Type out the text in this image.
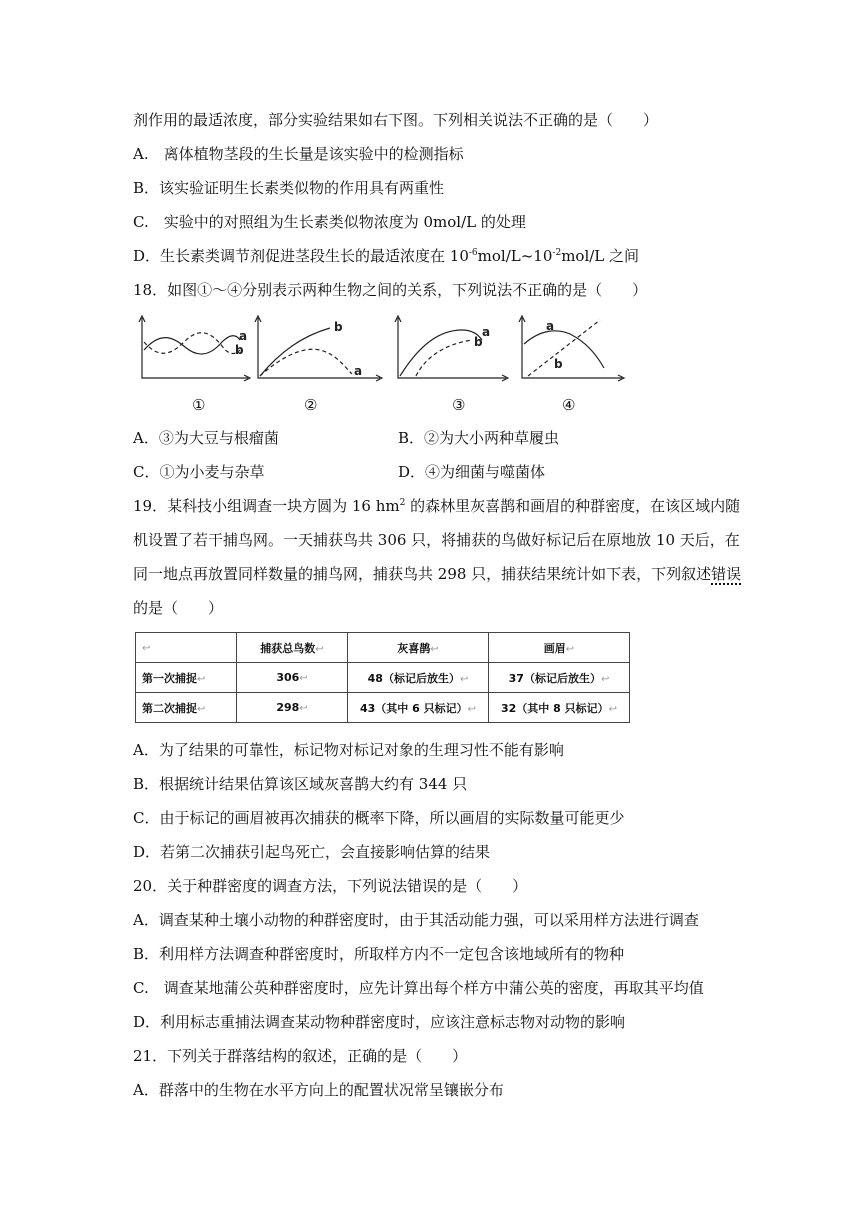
剂作用的最适浓度，部分实验结果如右下图。下列相关说法不正确的是（　　）
A.　离体植物茎段的生长量是该实验中的检测指标
B．该实验证明生长素类似物的作用具有两重性
C.　实验中的对照组为生长素类似物浓度为 0mol/L 的处理
D．生长素类调节剂促进茎段生长的最适浓度在 $10^{-6}mol/L\sim 10^{-2}mol/L$ 之间
18．如图①～④分别表示两种生物之间的关系，下列说法不正确的是（　　）
a
b
b
a
a
b
a
b
①	②	③	④
A．③为大豆与根瘤菌	B．②为大小两种草履虫
C．①为小麦与杂草	D．④为细菌与噬菌体
19．某科技小组调查一块方圆为 16 $hm^2$ 的森林里灰喜鹊和画眉的种群密度，在该区域内随
机设置了若干捕鸟网。一天捕获鸟共 306 只，将捕获的鸟做好标记后在原地放 10 天后，在
同一地点再放置同样数量的捕鸟网，捕获鸟共 298 只，捕获结果统计如下表，下列叙述错误
的是（　　）
↩	捕获总鸟数↩	灰喜鹊↩	画眉↩
第一次捕捉↩	306↩	48（标记后放生）↩	37（标记后放生）↩
第二次捕捉↩	298↩	43（其中 6 只标记）↩	32（其中 8 只标记）↩
A．为了结果的可靠性，标记物对标记对象的生理习性不能有影响
B．根据统计结果估算该区域灰喜鹊大约有 344 只
C．由于标记的画眉被再次捕获的概率下降，所以画眉的实际数量可能更少
D．若第二次捕获引起鸟死亡，会直接影响估算的结果
20．关于种群密度的调查方法，下列说法错误的是（　　）
A．调查某种土壤小动物的种群密度时，由于其活动能力强，可以采用样方法进行调查
B．利用样方法调查种群密度时，所取样方内不一定包含该地域所有的物种
C.　调查某地蒲公英种群密度时，应先计算出每个样方中蒲公英的密度，再取其平均值
D．利用标志重捕法调查某动物种群密度时，应该注意标志物对动物的影响
21．下列关于群落结构的叙述，正确的是（　　）
A．群落中的生物在水平方向上的配置状况常呈镶嵌分布
